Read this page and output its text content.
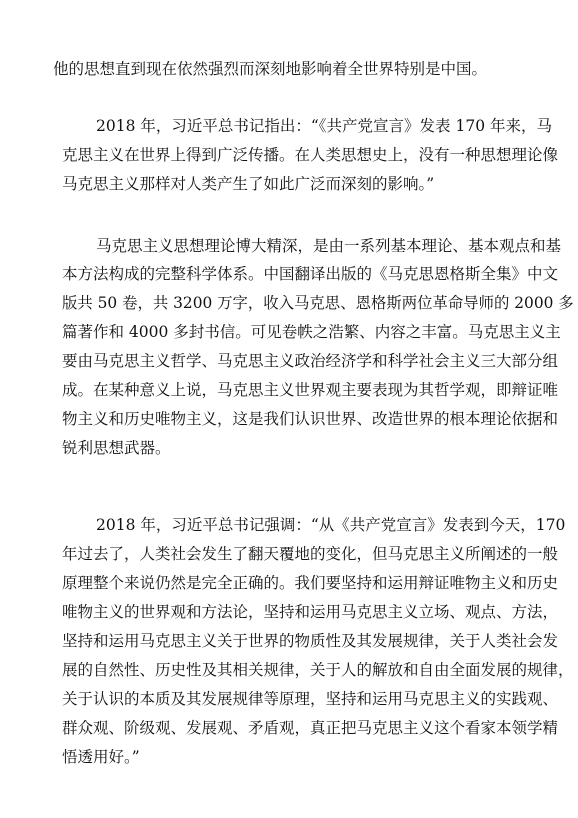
他的思想直到现在依然强烈而深刻地影响着全世界特别是中国。
2018 年，习近平总书记指出：“《共产党宣言》发表 170 年来，马
克思主义在世界上得到广泛传播。在人类思想史上，没有一种思想理论像
马克思主义那样对人类产生了如此广泛而深刻的影响。”
马克思主义思想理论博大精深，是由一系列基本理论、基本观点和基
本方法构成的完整科学体系。中国翻译出版的《马克思恩格斯全集》中文
版共 50 卷，共 3200 万字，收入马克思、恩格斯两位革命导师的 2000 多
篇著作和 4000 多封书信。可见卷帙之浩繁、内容之丰富。马克思主义主
要由马克思主义哲学、马克思主义政治经济学和科学社会主义三大部分组
成。在某种意义上说，马克思主义世界观主要表现为其哲学观，即辩证唯
物主义和历史唯物主义，这是我们认识世界、改造世界的根本理论依据和
锐利思想武器。
2018 年，习近平总书记强调：“从《共产党宣言》发表到今天，170
年过去了，人类社会发生了翻天覆地的变化，但马克思主义所阐述的一般
原理整个来说仍然是完全正确的。我们要坚持和运用辩证唯物主义和历史
唯物主义的世界观和方法论，坚持和运用马克思主义立场、观点、方法，
坚持和运用马克思主义关于世界的物质性及其发展规律，关于人类社会发
展的自然性、历史性及其相关规律，关于人的解放和自由全面发展的规律，
关于认识的本质及其发展规律等原理，坚持和运用马克思主义的实践观、
群众观、阶级观、发展观、矛盾观，真正把马克思主义这个看家本领学精
悟透用好。”
